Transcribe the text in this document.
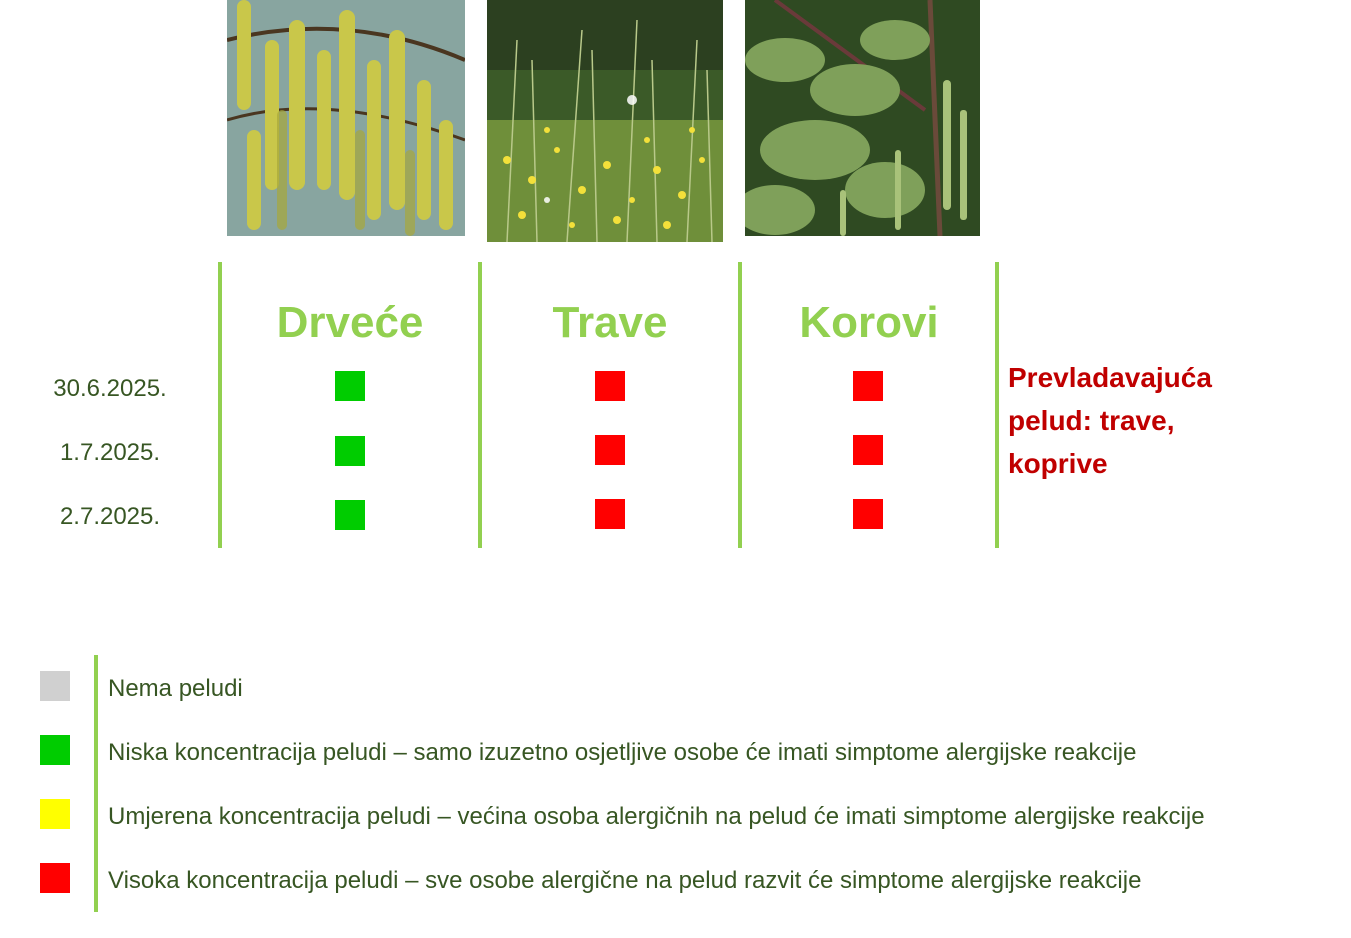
Drveće	Trave	Korovi
30.6.2025.
1.7.2025.
2.7.2025.
Prevladavajuća
pelud: trave,
koprive
Nema peludi
Niska koncentracija peludi – samo izuzetno osjetljive osobe će imati simptome alergijske reakcije
Umjerena koncentracija peludi – većina osoba alergičnih na pelud će imati simptome alergijske reakcije
Visoka koncentracija peludi – sve osobe alergične na pelud razvit će simptome alergijske reakcije
